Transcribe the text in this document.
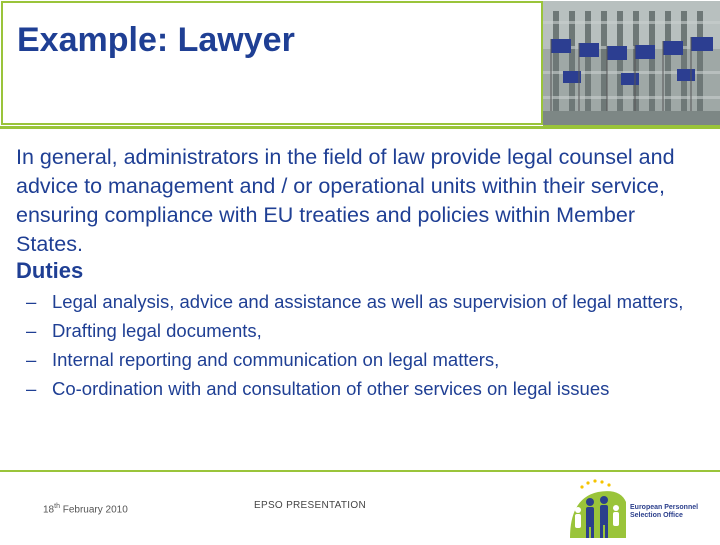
Example: Lawyer

In general, administrators in the field of law provide legal counsel and advice to management and / or operational units within their service, ensuring compliance with EU treaties and policies within Member States.

Duties
– Legal analysis, advice and assistance as well as supervision of legal matters,
– Drafting legal documents,
– Internal reporting and communication on legal matters,
– Co-ordination with and consultation of other services on legal issues
18th February 2010	EPSO PRESENTATION	European Personnel
Selection Office
